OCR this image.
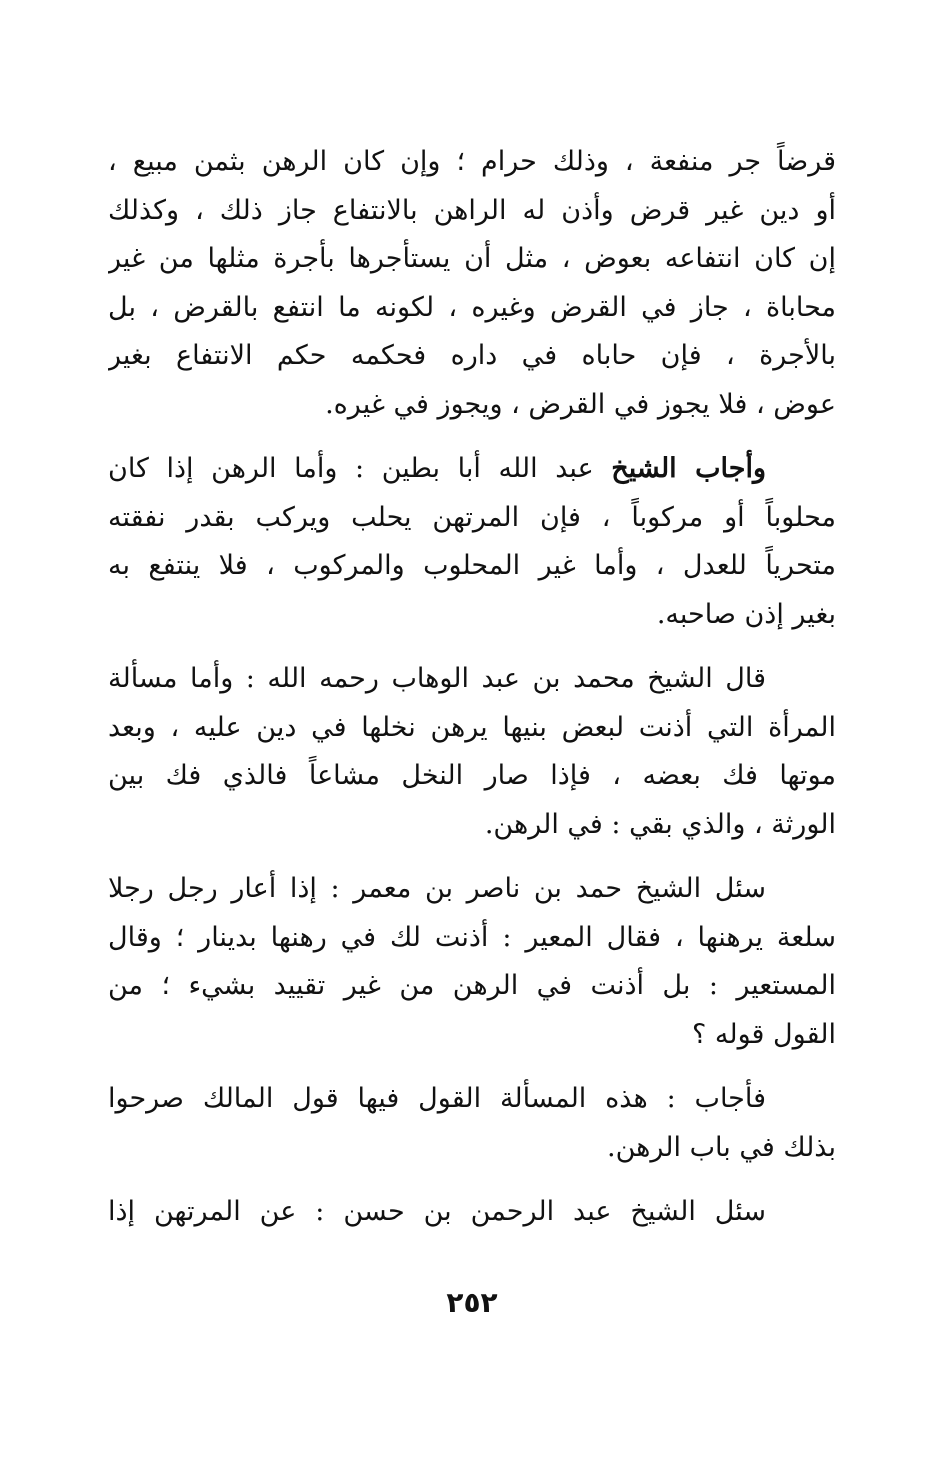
قرضاً جر منفعة ، وذلك حرام ؛ وإن كان الرهن بثمن مبيع ،
أو دين غير قرض وأذن له الراهن بالانتفاع جاز ذلك ، وكذلك
إن كان انتفاعه بعوض ، مثل أن يستأجرها بأجرة مثلها من غير
محاباة ، جاز في القرض وغيره ، لكونه ما انتفع بالقرض ، بل
بالأجرة ، فإن حاباه في داره فحكمه حكم الانتفاع بغير
عوض ، فلا يجوز في القرض ، ويجوز في غيره.
وأجاب الشيخ عبد الله أبا بطين : وأما الرهن إذا كان
محلوباً أو مركوباً ، فإن المرتهن يحلب ويركب بقدر نفقته
متحرياً للعدل ، وأما غير المحلوب والمركوب ، فلا ينتفع به
بغير إذن صاحبه.
قال الشيخ محمد بن عبد الوهاب رحمه الله : وأما مسألة
المرأة التي أذنت لبعض بنيها يرهن نخلها في دين عليه ، وبعد
موتها فك بعضه ، فإذا صار النخل مشاعاً فالذي فك بين
الورثة ، والذي بقي : في الرهن.
سئل الشيخ حمد بن ناصر بن معمر : إذا أعار رجل رجلا
سلعة يرهنها ، فقال المعير : أذنت لك في رهنها بدينار ؛ وقال
المستعير : بل أذنت في الرهن من غير تقييد بشيء ؛ من
القول قوله ؟
فأجاب : هذه المسألة القول فيها قول المالك صرحوا
بذلك في باب الرهن.
سئل الشيخ عبد الرحمن بن حسن : عن المرتهن إذا
٢٥٢
